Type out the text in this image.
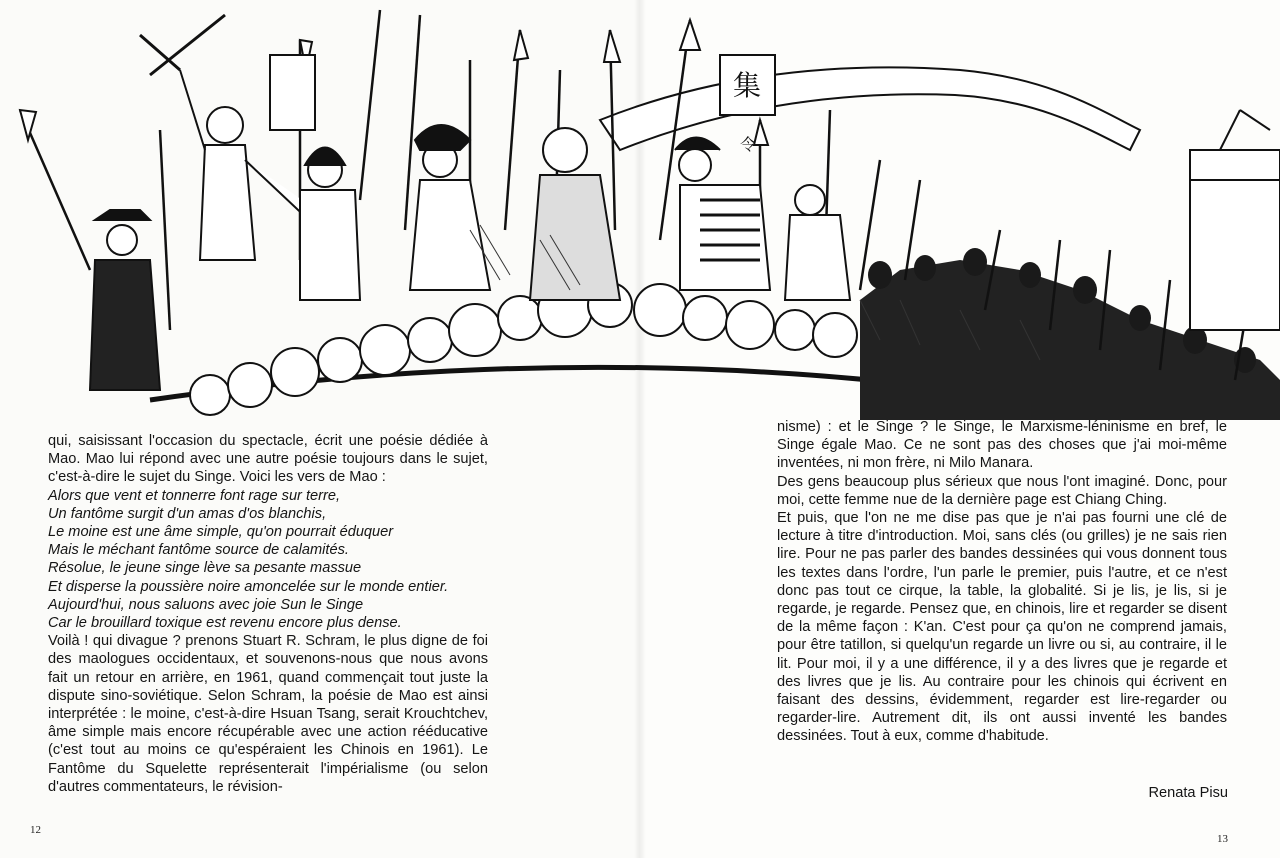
集
令

qui, saisissant l'occasion du spectacle, écrit une poésie dédiée à Mao. Mao lui répond avec une autre poésie toujours dans le sujet, c'est-à-dire le sujet du Singe. Voici les vers de Mao :

Alors que vent et tonnerre font rage sur terre,
Un fantôme surgit d'un amas d'os blanchis,
Le moine est une âme simple, qu'on pourrait éduquer
Mais le méchant fantôme source de calamités.
Résolue, le jeune singe lève sa pesante massue
Et disperse la poussière noire amoncelée sur le monde entier.
Aujourd'hui, nous saluons avec joie Sun le Singe
Car le brouillard toxique est revenu encore plus dense.

Voilà ! qui divague ? prenons Stuart R. Schram, le plus digne de foi des maologues occidentaux, et souvenons-nous que nous avons fait un retour en arrière, en 1961, quand commençait tout juste la dispute sino-soviétique. Selon Schram, la poésie de Mao est ainsi interprétée : le moine, c'est-à-dire Hsuan Tsang, serait Krouchtchev, âme simple mais encore récupérable avec une action rééducative (c'est tout au moins ce qu'espéraient les Chinois en 1961). Le Fantôme du Squelette représenterait l'impérialisme (ou selon d'autres commentateurs, le révision-

nisme) : et le Singe ? le Singe, le Marxisme-léninisme en bref, le Singe égale Mao. Ce ne sont pas des choses que j'ai moi-même inventées, ni mon frère, ni Milo Manara.

Des gens beaucoup plus sérieux que nous l'ont imaginé. Donc, pour moi, cette femme nue de la dernière page est Chiang Ching.

Et puis, que l'on ne me dise pas que je n'ai pas fourni une clé de lecture à titre d'introduction. Moi, sans clés (ou grilles) je ne sais rien lire. Pour ne pas parler des bandes dessinées qui vous donnent tous les textes dans l'ordre, l'un parle le premier, puis l'autre, et ce n'est donc pas tout ce cirque, la table, la globalité. Si je lis, je lis, si je regarde, je regarde. Pensez que, en chinois, lire et regarder se disent de la même façon : K'an. C'est pour ça qu'on ne comprend jamais, pour être tatillon, si quelqu'un regarde un livre ou si, au contraire, il le lit. Pour moi, il y a une différence, il y a des livres que je regarde et des livres que je lis. Au contraire pour les chinois qui écrivent en faisant des dessins, évidemment, regarder est lire-regarder ou regarder-lire. Autrement dit, ils ont aussi inventé les bandes dessinées. Tout à eux, comme d'habitude.

Renata Pisu
12
13
